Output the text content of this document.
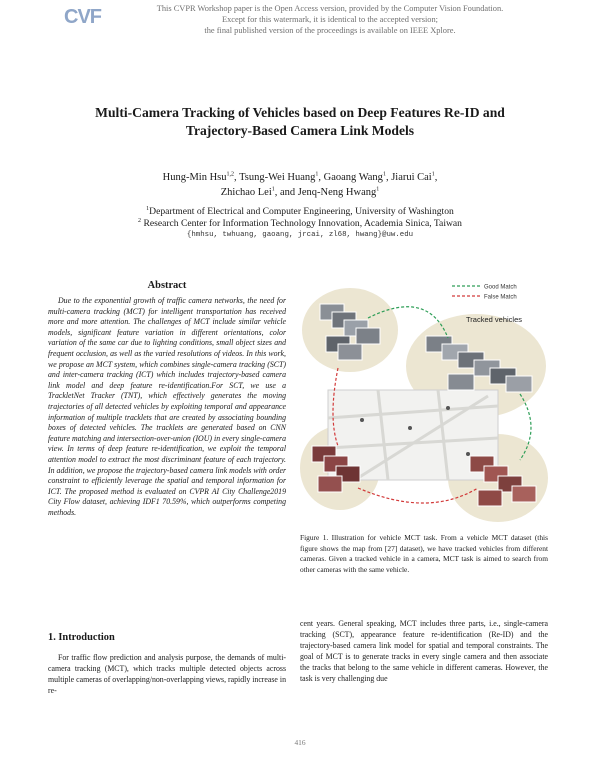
CVF	This CVPR Workshop paper is the Open Access version, provided by the Computer Vision Foundation.
Except for this watermark, it is identical to the accepted version;
the final published version of the proceedings is available on IEEE Xplore.
Multi-Camera Tracking of Vehicles based on Deep Features Re-ID and
Trajectory-Based Camera Link Models
Hung-Min Hsu$^{1,2}$, Tsung-Wei Huang$^1$, Gaoang Wang$^1$, Jiarui Cai$^1$,
Zhichao Lei$^1$, and Jenq-Neng Hwang$^1$
$^1$Department of Electrical and Computer Engineering, University of Washington
$^2$ Research Center for Information Technology Innovation, Academia Sinica, Taiwan
{hmhsu, twhuang, gaoang, jrcai, zl68, hwang}@uw.edu
Abstract
Due to the exponential growth of traffic camera networks, the need for multi-camera tracking (MCT) for intelligent transportation has received more and more attention. The challenges of MCT include similar vehicle models, significant feature variation in different orientations, color variation of the same car due to lighting conditions, small object sizes and frequent occlusion, as well as the varied resolutions of videos. In this work, we propose an MCT system, which combines single-camera tracking (SCT) and inter-camera tracking (ICT) which includes trajectory-based camera link model and deep feature re-identification.For SCT, we use a TrackletNet Tracker (TNT), which effectively generates the moving trajectories of all detected vehicles by exploiting temporal and appearance information of multiple tracklets that are created by associating bounding boxes of detected vehicles. The tracklets are generated based on CNN feature matching and intersection-over-union (IOU) in every single-camera view. In terms of deep feature re-identification, we exploit the temporal attention model to extract the most discriminant feature of each trajectory. In addition, we propose the trajectory-based camera link models with order constraint to efficiently leverage the spatial and temporal information for ICT. The proposed method is evaluated on CVPR AI City Challenge2019 City Flow dataset, achieving IDF1 70.59%, which outperforms competing methods.
1. Introduction
For traffic flow prediction and analysis purpose, the demands of multi-camera tracking (MCT), which tracks multiple detected objects across multiple cameras of overlapping/non-overlapping views, rapidly increase in re-
Good Match
False Match
Tracked vehicles
Figure 1. Illustration for vehicle MCT task. From a vehicle MCT dataset (this figure shows the map from [27] dataset), we have tracked vehicles from different cameras. Given a tracked vehicle in a camera, MCT task is aimed to search from other cameras with the same vehicle.
cent years. General speaking, MCT includes three parts, i.e., single-camera tracking (SCT), appearance feature re-identification (Re-ID) and the trajectory-based camera link model for spatial and temporal constraints. The goal of MCT is to generate tracks in every single camera and then associate the tracks that belong to the same vehicle in different cameras. However, the task is very challenging due
416
